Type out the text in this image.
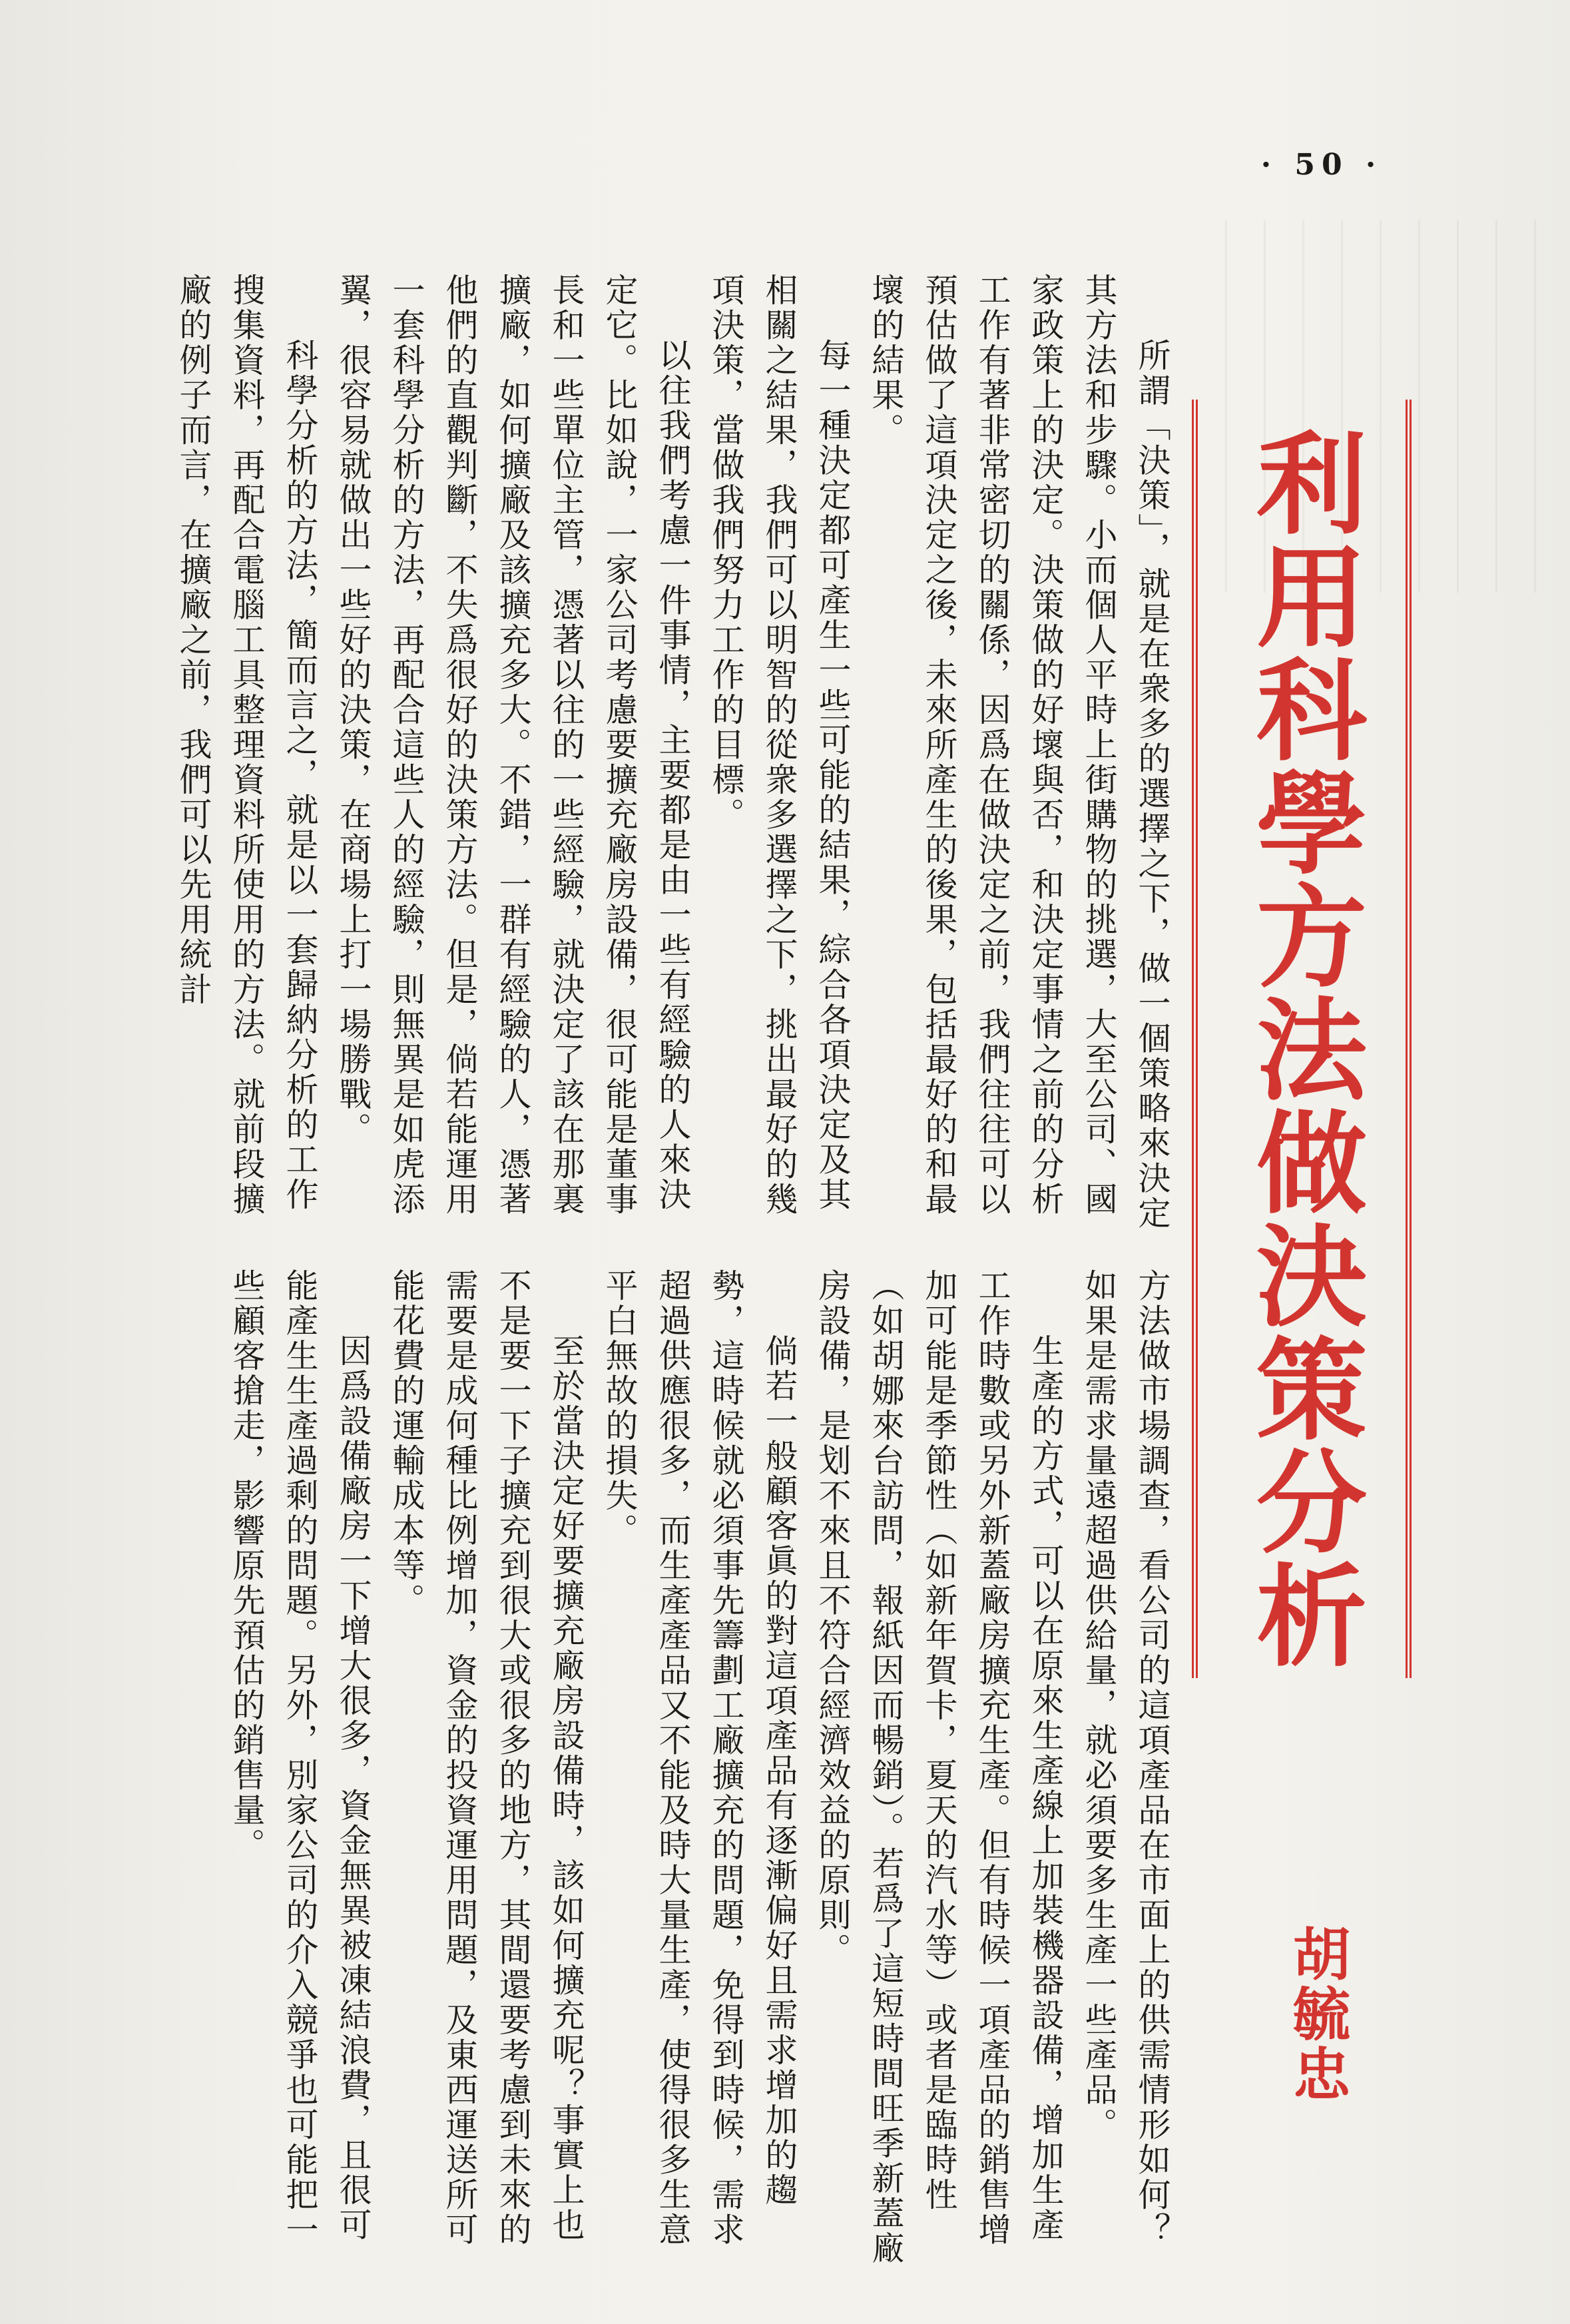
· 50 ·
利用科學方法做決策分析
胡毓忠

所謂「決策」，就是在衆多的選擇之下，做一個策略來決定其方法和步驟。小而個人平時上街購物的挑選，大至公司、國家政策上的決定。決策做的好壞與否，和決定事情之前的分析工作有著非常密切的關係，因爲在做決定之前，我們往往可以預估做了這項決定之後，未來所產生的後果，包括最好的和最壞的結果。

每一種決定都可產生一些可能的結果，綜合各項決定及其相關之結果，我們可以明智的從衆多選擇之下，挑出最好的幾項決策，當做我們努力工作的目標。

以往我們考慮一件事情，主要都是由一些有經驗的人來決定它。比如說，一家公司考慮要擴充廠房設備，很可能是董事長和一些單位主管，憑著以往的一些經驗，就決定了該在那裏擴廠，如何擴廠及該擴充多大。不錯，一群有經驗的人，憑著他們的直觀判斷，不失爲很好的決策方法。但是，倘若能運用一套科學分析的方法，再配合這些人的經驗，則無異是如虎添翼，很容易就做出一些好的決策，在商場上打一場勝戰。

科學分析的方法，簡而言之，就是以一套歸納分析的工作搜集資料，再配合電腦工具整理資料所使用的方法。就前段擴廠的例子而言，在擴廠之前，我們可以先用統計

方法做市場調查，看公司的這項產品在市面上的供需情形如何？如果是需求量遠超過供給量，就必須要多生產一些產品。

生產的方式，可以在原來生產線上加裝機器設備，增加生產工作時數或另外新蓋廠房擴充生產。但有時候一項產品的銷售增加可能是季節性（如新年賀卡，夏天的汽水等）或者是臨時性（如胡娜來台訪問，報紙因而暢銷）。若爲了這短時間旺季新蓋廠房設備，是划不來且不符合經濟效益的原則。

倘若一般顧客眞的對這項產品有逐漸偏好且需求增加的趨勢，這時候就必須事先籌劃工廠擴充的問題，免得到時候，需求超過供應很多，而生產產品又不能及時大量生產，使得很多生意平白無故的損失。

至於當決定好要擴充廠房設備時，該如何擴充呢？事實上也不是要一下子擴充到很大或很多的地方，其間還要考慮到未來的需要是成何種比例增加，資金的投資運用問題，及東西運送所可能花費的運輸成本等。

因爲設備廠房一下增大很多，資金無異被凍結浪費，且很可能產生生產過剩的問題。另外，別家公司的介入競爭也可能把一些顧客搶走，影響原先預估的銷售量。
